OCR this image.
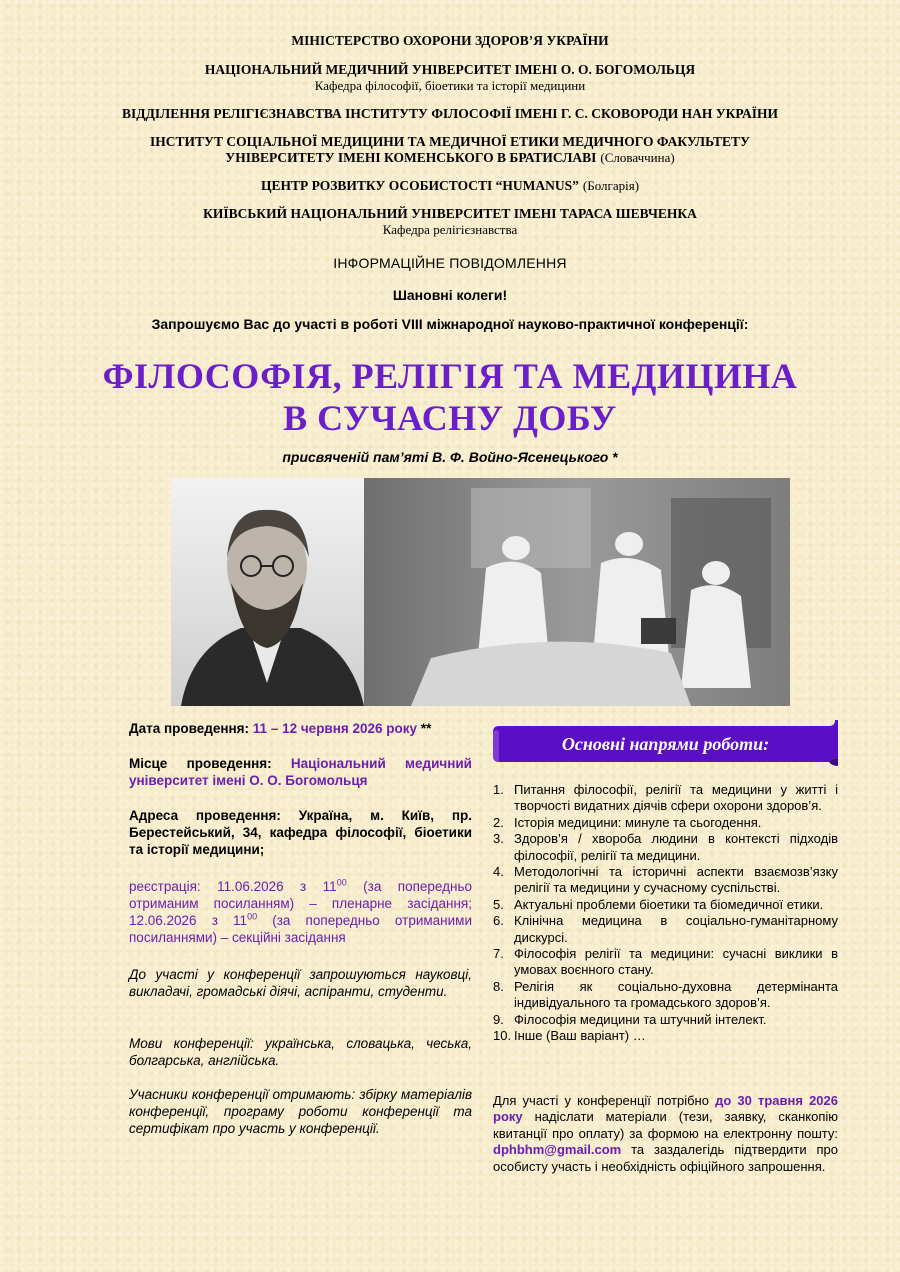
МІНІСТЕРСТВО ОХОРОНИ ЗДОРОВ’Я УКРАЇНИ
НАЦІОНАЛЬНИЙ МЕДИЧНИЙ УНІВЕРСИТЕТ ІМЕНІ О. О. БОГОМОЛЬЦЯ
Кафедра філософії, біоетики та історії медицини
ВІДДІЛЕННЯ РЕЛІГІЄЗНАВСТВА ІНСТИТУТУ ФІЛОСОФІЇ ІМЕНІ Г. С. СКОВОРОДИ НАН УКРАЇНИ
ІНСТИТУТ СОЦІАЛЬНОЇ МЕДИЦИНИ ТА МЕДИЧНОЇ ЕТИКИ МЕДИЧНОГО ФАКУЛЬТЕТУ
УНІВЕРСИТЕТУ ІМЕНІ КОМЕНСЬКОГО В БРАТИСЛАВІ (Словаччина)
ЦЕНТР РОЗВИТКУ ОСОБИСТОСТІ “HUMANUS” (Болгарія)
КИЇВСЬКИЙ НАЦІОНАЛЬНИЙ УНІВЕРСИТЕТ ІМЕНІ ТАРАСА ШЕВЧЕНКА
Кафедра релігієзнавства
ІНФОРМАЦІЙНЕ ПОВІДОМЛЕННЯ
Шановні колеги!
Запрошуємо Вас до участі в роботі VIII міжнародної науково-практичної конференції:
ФІЛОСОФІЯ, РЕЛІГІЯ ТА МЕДИЦИНА
В СУЧАСНУ ДОБУ
присвяченій пам’яті В. Ф. Войно-Ясенецького *
Дата проведення: 11 – 12 червня 2026 року **
Місце проведення: Національний медичний університет імені О. О. Богомольця
Адреса проведення: Україна, м. Київ, пр. Берестейський, 34, кафедра філософії, біоетики та історії медицини;
реєстрація: 11.06.2026 з $11^{00}$ (за попередньо отриманим посиланням) – пленарне засідання; 12.06.2026 з $11^{00}$ (за попередньо отриманими посиланнями) – секційні засідання
До участі у конференції запрошуються науковці, викладачі, громадські діячі, аспіранти, студенти.
Мови конференції: українська, словацька, чеська, болгарська, англійська.
Учасники конференції отримають: збірку матеріалів конференції, програму роботи конференції та сертифікат про участь у конференції.
Основні напрями роботи:
1. Питання філософії, релігії та медицини у житті і творчості видатних діячів сфери охорони здоров’я.
2. Історія медицини: минуле та сьогодення.
3. Здоров’я / хвороба людини в контексті підходів філософії, релігії та медицини.
4. Методологічні та історичні аспекти взаємозв’язку релігії та медицини у сучасному суспільстві.
5. Актуальні проблеми біоетики та біомедичної етики.
6. Клінічна медицина в соціально-гуманітарному дискурсі.
7. Філософія релігії та медицини: сучасні виклики в умовах воєнного стану.
8. Релігія як соціально-духовна детермінанта індивідуального та громадського здоров’я.
9. Філософія медицини та штучний інтелект.
10. Інше (Ваш варіант) …
Для участі у конференції потрібно до 30 травня 2026 року надіслати матеріали (тези, заявку, сканкопію квитанції про оплату) за формою на електронну пошту: dphbhm@gmail.com та заздалегідь підтвердити про особисту участь і необхідність офіційного запрошення.
